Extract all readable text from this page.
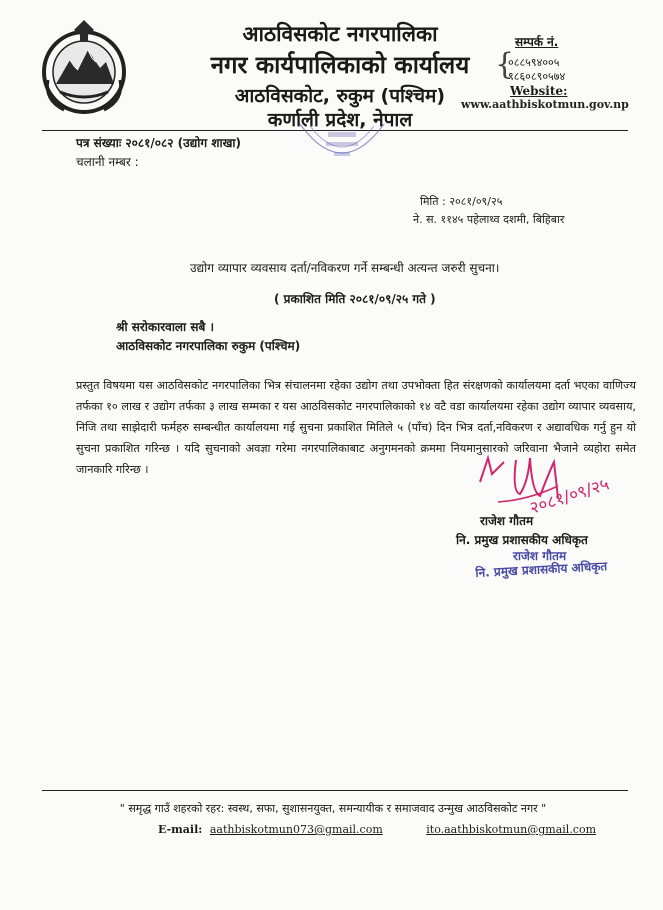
आठविसकोट नगरपालिका
नगर कार्यपालिकाको कार्यालय
आठविसकोट, रुकुम (पश्चिम)
कर्णाली प्रदेश, नेपाल
सम्पर्क नं.
{
०८८५९४००५
९८६०८९०५७४
Website:
www.aathbiskotmun.gov.np
पत्र संख्याः २०८१/०८२ (उद्योग शाखा)
चलानी नम्बर :
मिति : २०८१/०९/२५
ने. स. ११४५ पहेलाथ्व दशमी, बिहिबार
उद्योग व्यापार व्यवसाय दर्ता/नविकरण गर्ने सम्बन्धी अत्यन्त जरुरी सुचना।
( प्रकाशित मिति २०८१/०९/२५ गते )
श्री सरोकारवाला सबै ।
आठविसकोट नगरपालिका रुकुम (पश्चिम)
प्रस्तुत विषयमा यस आठविसकोट नगरपालिका भित्र संचालनमा रहेका उद्योग तथा उपभोक्ता हित संरक्षणको कार्यालयमा दर्ता भएका वाणिज्य तर्फका १० लाख र उद्योग तर्फका ३ लाख सम्मका र यस आठविसकोट नगरपालिकाको १४ वटै वडा कार्यालयमा रहेका उद्योग व्यापार व्यवसाय, निजि तथा साझेदारी फर्महरु सम्बन्धीत कार्यालयमा गई सुचना प्रकाशित मितिले ५ (पाँच) दिन भित्र दर्ता,नविकरण र अद्यावधिक गर्नु हुन यो सुचना प्रकाशित गरिन्छ । यदि सुचनाको अवज्ञा गरेमा नगरपालिकाबाट अनुगमनको क्रममा नियमानुसारको जरिवाना भैजाने व्यहोरा समेत जानकारि गरिन्छ ।
२०८१/०९/२५
राजेश गौतम
नि. प्रमुख प्रशासकीय अधिकृत
राजेश गौतम
नि. प्रमुख प्रशासकीय अधिकृत
" समृद्ध गाउँ शहरको रहर: स्वस्थ, सफा, सुशासनयुक्त, समन्यायीक र समाजवाद उन्मुख आठविसकोट नगर "
E-mail: aathbiskotmun073@gmail.com	ito.aathbiskotmun@gmail.com
